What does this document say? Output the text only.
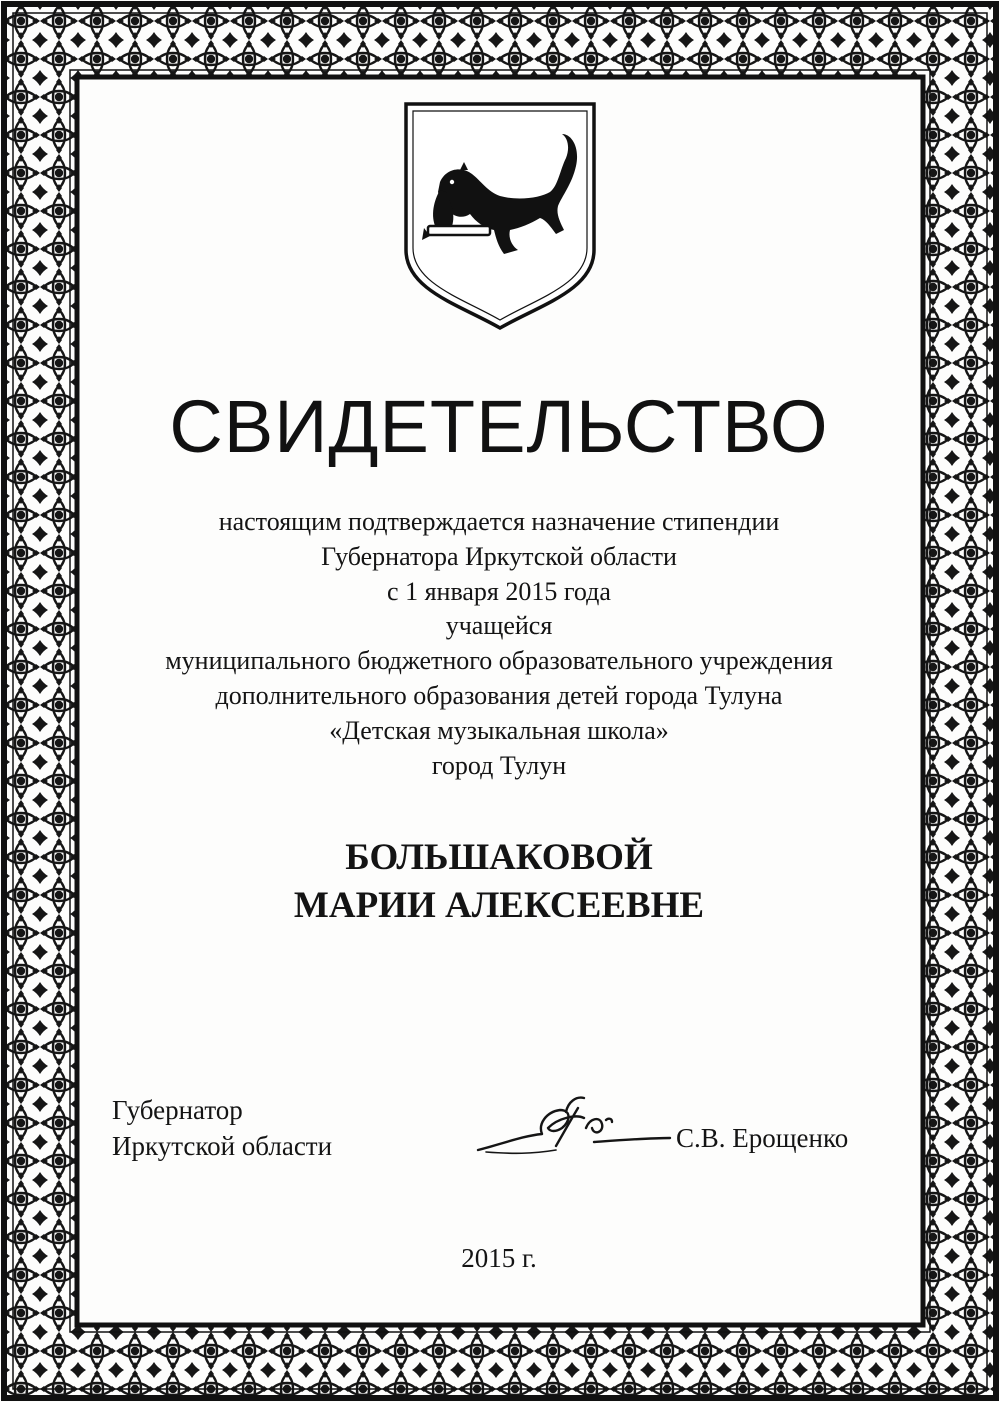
СВИДЕТЕЛЬСТВО
настоящим подтверждается назначение стипендии
Губернатора Иркутской области
с 1 января 2015 года
учащейся
муниципального бюджетного образовательного учреждения
дополнительного образования детей города Тулуна
«Детская музыкальная школа»
город Тулун
БОЛЬШАКОВОЙ
МАРИИ АЛЕКСЕЕВНЕ
Губернатор
Иркутской области	С.В. Ерощенко
2015 г.
